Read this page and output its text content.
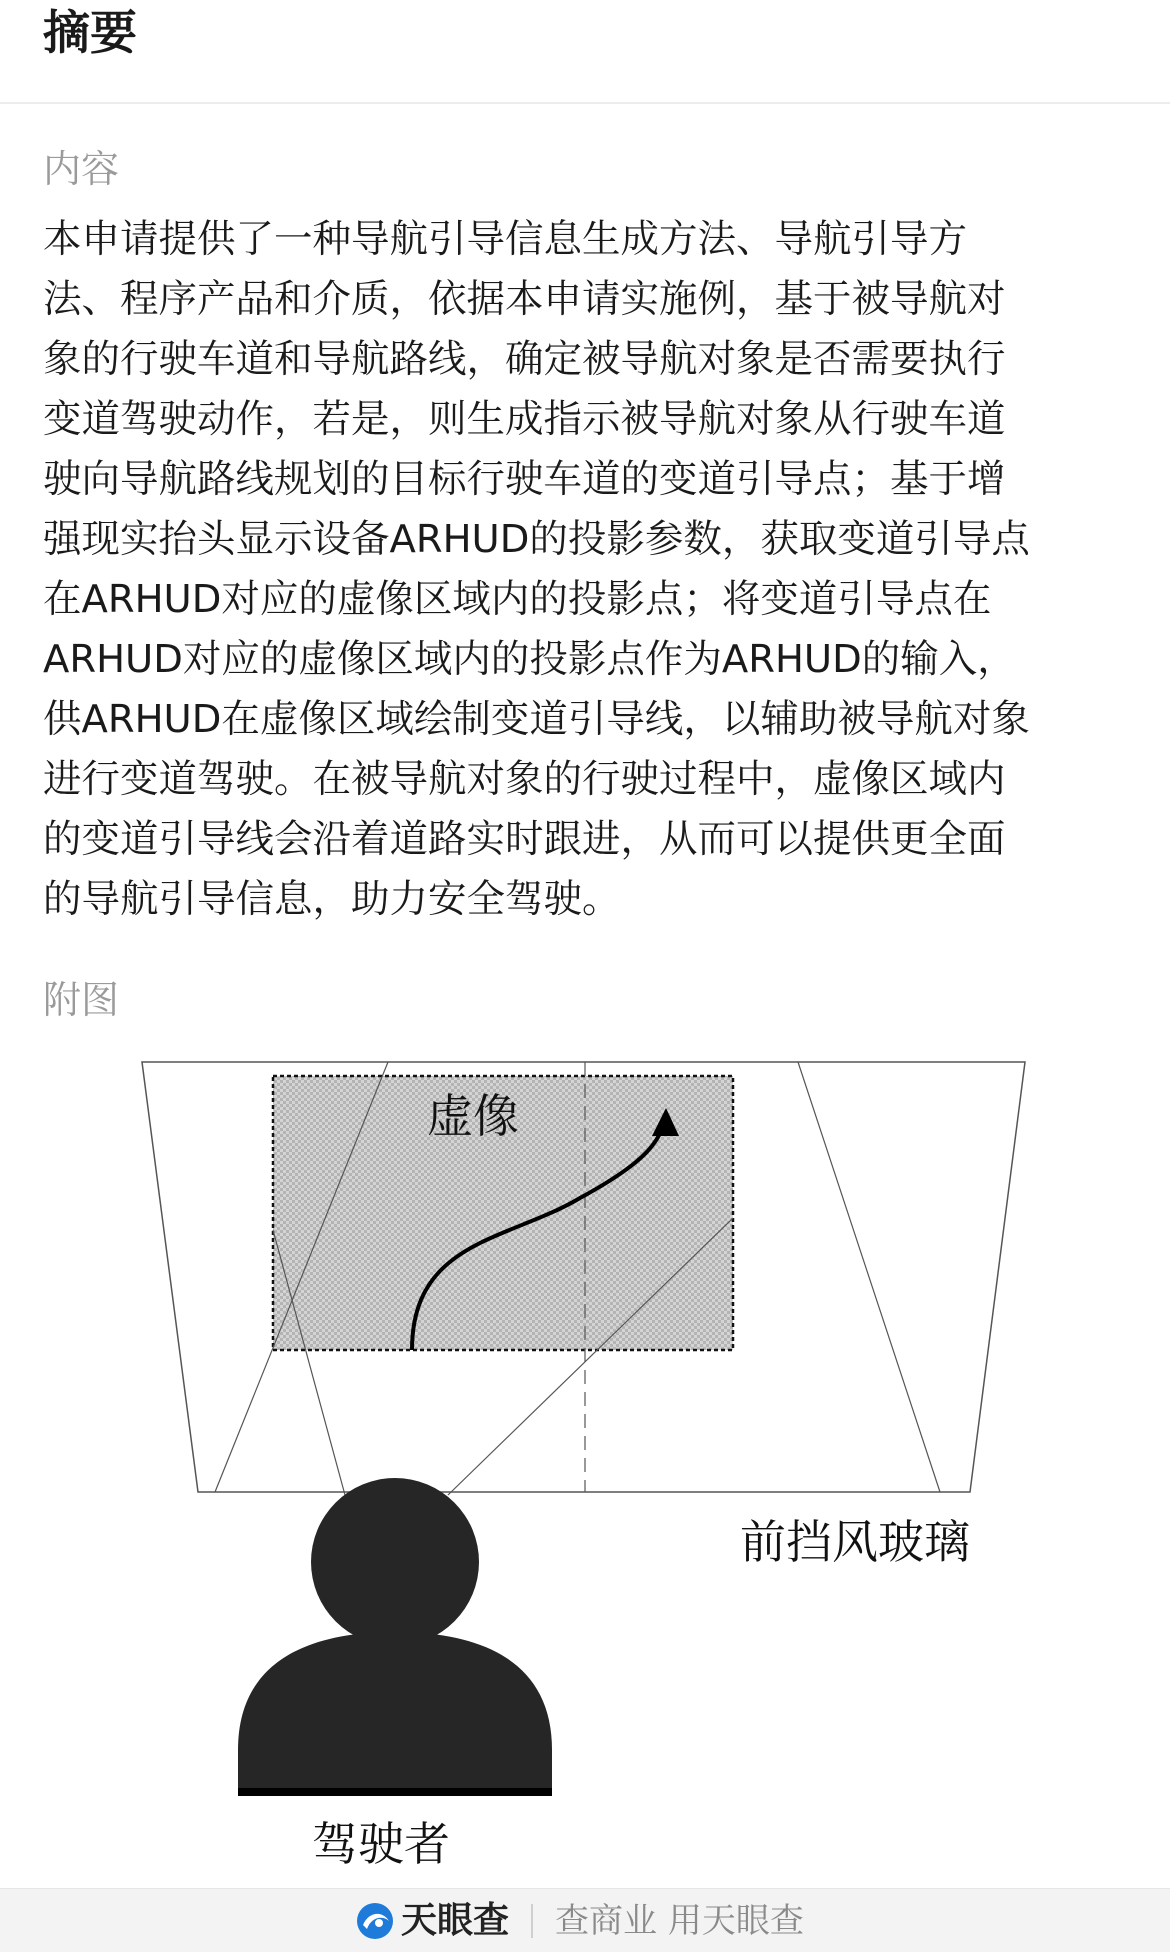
摘要
内容
本申请提供了一种导航引导信息生成方法、导航引导方
法、程序产品和介质，依据本申请实施例，基于被导航对
象的行驶车道和导航路线，确定被导航对象是否需要执行
变道驾驶动作，若是，则生成指示被导航对象从行驶车道
驶向导航路线规划的目标行驶车道的变道引导点；基于增
强现实抬头显示设备ARHUD的投影参数，获取变道引导点
在ARHUD对应的虚像区域内的投影点；将变道引导点在
ARHUD对应的虚像区域内的投影点作为ARHUD的输入，
供ARHUD在虚像区域绘制变道引导线，以辅助被导航对象
进行变道驾驶。在被导航对象的行驶过程中，虚像区域内
的变道引导线会沿着道路实时跟进，从而可以提供更全面
的导航引导信息，助力安全驾驶。
附图
虚像
前挡风玻璃
驾驶者
天眼查 查商业 用天眼查
